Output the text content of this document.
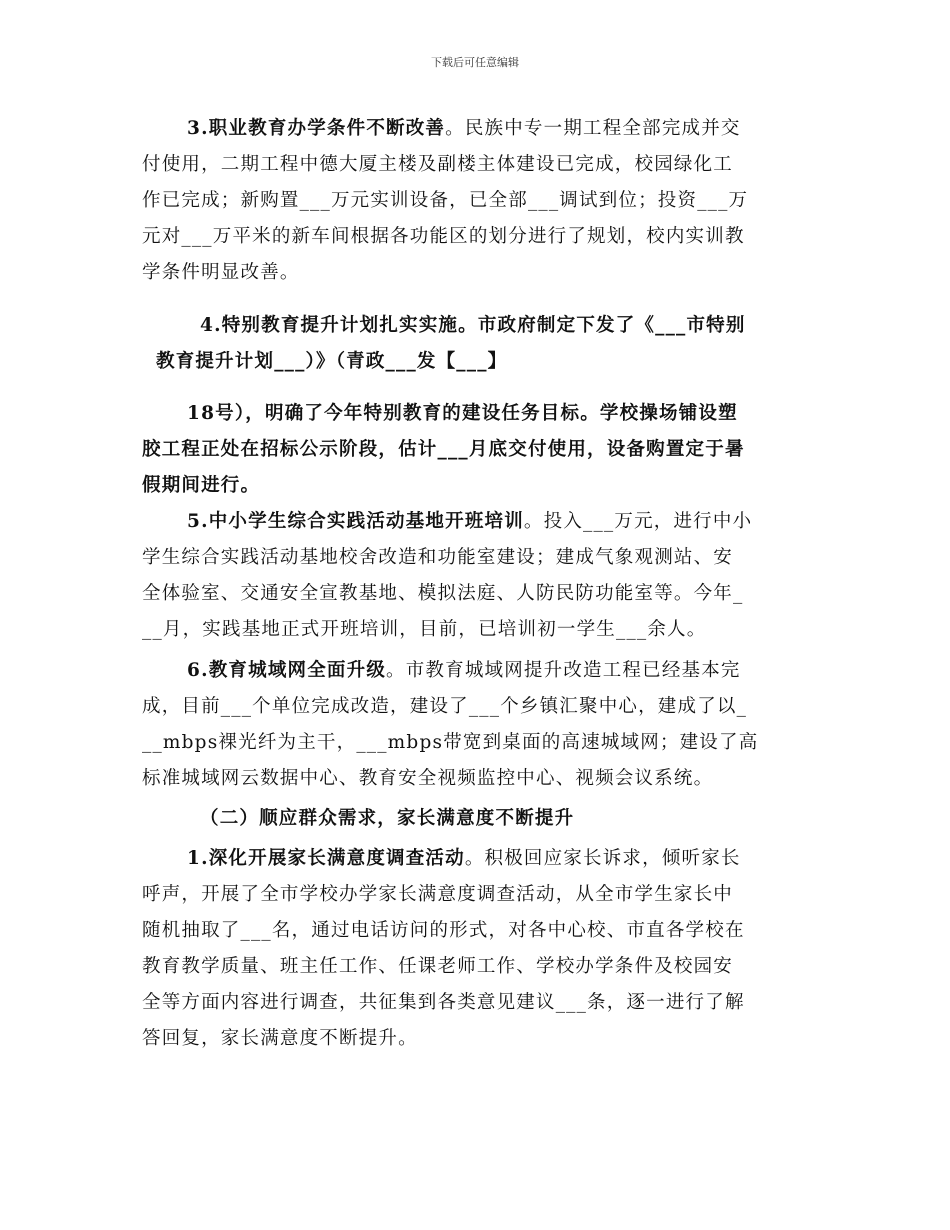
下载后可任意编辑
3.职业教育办学条件不断改善。民族中专一期工程全部完成并交
付使用，二期工程中德大厦主楼及副楼主体建设已完成，校园绿化工
作已完成；新购置___万元实训设备，已全部___调试到位；投资___万
元对___万平米的新车间根据各功能区的划分进行了规划，校内实训教
学条件明显改善。
4.特别教育提升计划扎实实施。市政府制定下发了《___市特别
教育提升计划___）》（青政___发【___】
18号），明确了今年特别教育的建设任务目标。学校操场铺设塑
胶工程正处在招标公示阶段，估计___月底交付使用，设备购置定于暑
假期间进行。
5.中小学生综合实践活动基地开班培训。投入___万元，进行中小
学生综合实践活动基地校舍改造和功能室建设；建成气象观测站、安
全体验室、交通安全宣教基地、模拟法庭、人防民防功能室等。今年_
__月，实践基地正式开班培训，目前，已培训初一学生___余人。
6.教育城域网全面升级。市教育城域网提升改造工程已经基本完
成，目前___个单位完成改造，建设了___个乡镇汇聚中心，建成了以_
__mbps裸光纤为主干，___mbps带宽到桌面的高速城域网；建设了高
标准城域网云数据中心、教育安全视频监控中心、视频会议系统。
（二）顺应群众需求，家长满意度不断提升
1.深化开展家长满意度调查活动。积极回应家长诉求，倾听家长
呼声，开展了全市学校办学家长满意度调查活动，从全市学生家长中
随机抽取了___名，通过电话访问的形式，对各中心校、市直各学校在
教育教学质量、班主任工作、任课老师工作、学校办学条件及校园安
全等方面内容进行调查，共征集到各类意见建议___条，逐一进行了解
答回复，家长满意度不断提升。
